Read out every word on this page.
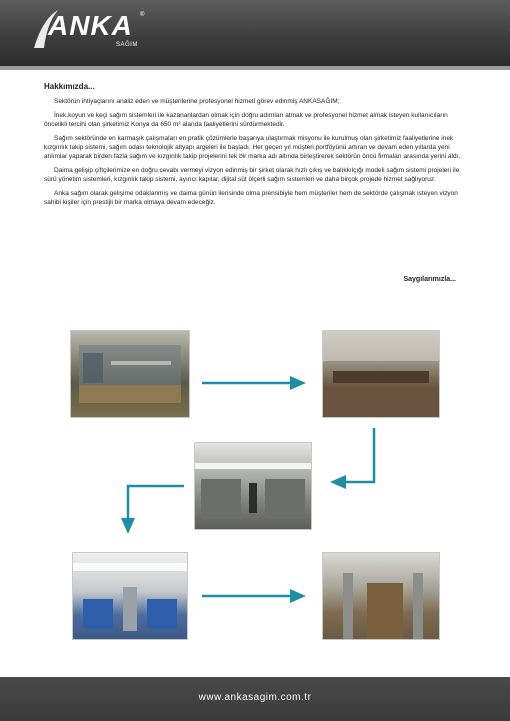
ANKA ®
SAĞIM
Hakkımızda...

Sektörün ihtiyaçlarını analiz eden ve müşterilerine profesyonel hizmeti görev edinmiş ANKASAĞIM;

İnek,koyun ve keçi sağım sistemleri ile kazananlardan olmak için doğru adımları atmak ve profesyonel hizmet almak isteyen kullanıcıların öncelikli tercihi olan şirketimiz Konya da 650 m² alanda faaliyetlerini sürdürmektedir.

Sağım sektöründe en karmaşık çalışmaları en pratik çözümlerle başarıya ulaştırmak misyonu ile kurulmuş olan şirketimiz faaliyetlerine inek kızgınlık takip sistemi, sağım odası teknolojik altyapı argeleri ile başladı. Her geçen yıl müşteri portföyünü artıran ve devam eden yıllarda yeni atılımlar yaparak birden fazla sağım ve kızgınlık takip projelerini tek bir marka adı altında birleştirerek sektörün öncü firmaları arasında yerini aldı.

Daima gelişip çiftçilerimize en doğru cevabı vermeyi vizyon edinmiş bir şirket olarak hızlı çıkış ve balıkkılçığı modeli sağım sistemi projeleri ile sürü yönetim sistemleri, kızgınlık takip sistemi, ayırıcı kapılar, dijital süt ölçerli sağım sistemleri ve daha birçok projede hizmet sağlıyoruz.

Anka sağım olarak gelişime odaklanmış ve daima günün ilerisinde olma prensibiyle hem müşteriler hem de sektörde çalışmak isteyen vizyon sahibi kişiler için prestijli bir marka olmaya devam edeceğiz.

Saygılarımızla...
www.ankasagim.com.tr
